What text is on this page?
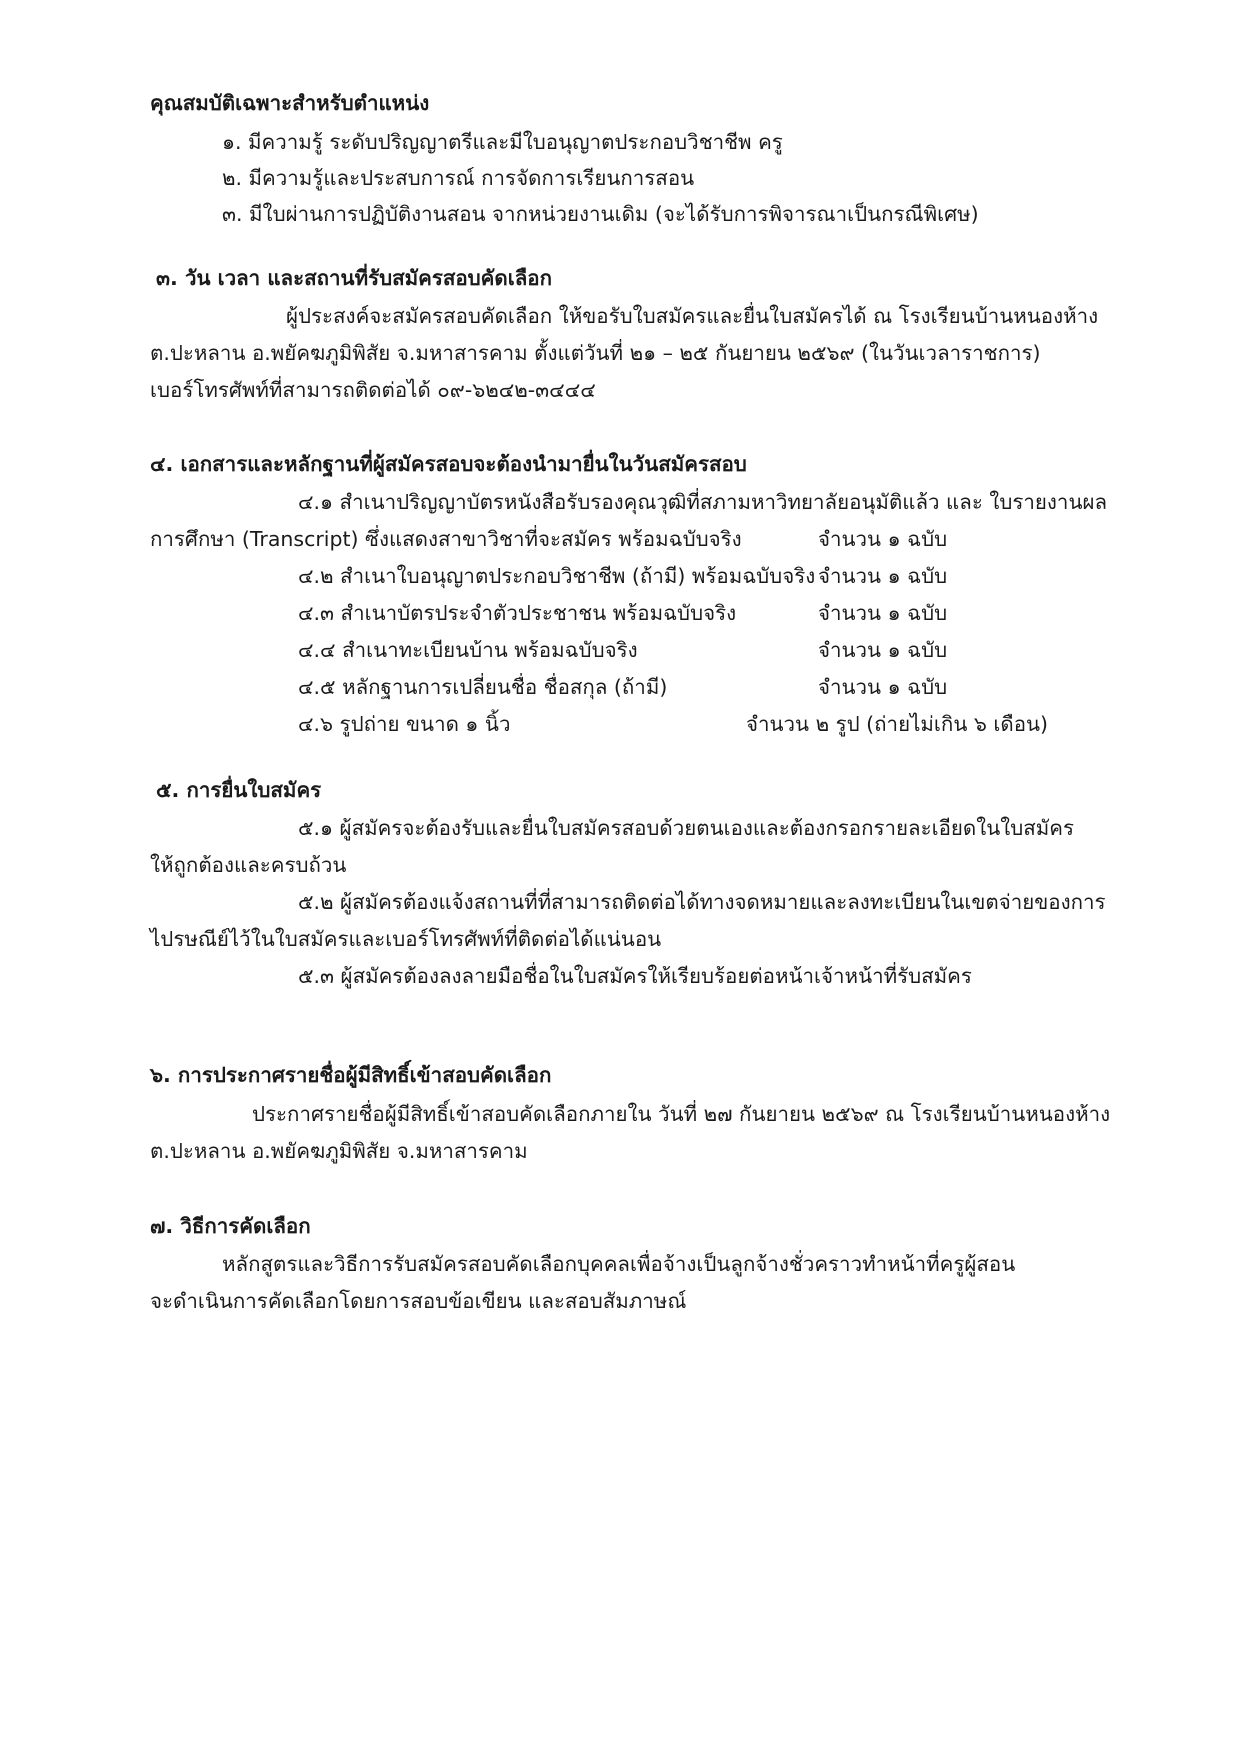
คุณสมบัติเฉพาะสำหรับตำแหน่ง
๑. มีความรู้ ระดับปริญญาตรีและมีใบอนุญาตประกอบวิชาชีพ ครู
๒. มีความรู้และประสบการณ์ การจัดการเรียนการสอน
๓. มีใบผ่านการปฏิบัติงานสอน จากหน่วยงานเดิม (จะได้รับการพิจารณาเป็นกรณีพิเศษ)
๓. วัน เวลา และสถานที่รับสมัครสอบคัดเลือก
ผู้ประสงค์จะสมัครสอบคัดเลือก ให้ขอรับใบสมัครและยื่นใบสมัครได้ ณ โรงเรียนบ้านหนองห้าง
ต.ปะหลาน อ.พยัคฆภูมิพิสัย จ.มหาสารคาม ตั้งแต่วันที่ ๒๑ – ๒๕ กันยายน ๒๕๖๙ (ในวันเวลาราชการ)
เบอร์โทรศัพท์ที่สามารถติดต่อได้ ๐๙-๖๒๔๒-๓๔๔๔
๔. เอกสารและหลักฐานที่ผู้สมัครสอบจะต้องนำมายื่นในวันสมัครสอบ
๔.๑ สำเนาปริญญาบัตรหนังสือรับรองคุณวุฒิที่สภามหาวิทยาลัยอนุมัติแล้ว และ ใบรายงานผล
การศึกษา (Transcript) ซึ่งแสดงสาขาวิชาที่จะสมัคร พร้อมฉบับจริง	จำนวน ๑ ฉบับ
๔.๒ สำเนาใบอนุญาตประกอบวิชาชีพ (ถ้ามี) พร้อมฉบับจริง จำนวน ๑ ฉบับ
๔.๓ สำเนาบัตรประจำตัวประชาชน พร้อมฉบับจริง	จำนวน ๑ ฉบับ
๔.๔ สำเนาทะเบียนบ้าน พร้อมฉบับจริง	จำนวน ๑ ฉบับ
๔.๕ หลักฐานการเปลี่ยนชื่อ ชื่อสกุล (ถ้ามี)	จำนวน ๑ ฉบับ
๔.๖ รูปถ่าย ขนาด ๑ นิ้ว	จำนวน ๒ รูป (ถ่ายไม่เกิน ๖ เดือน)
๕. การยื่นใบสมัคร
๕.๑ ผู้สมัครจะต้องรับและยื่นใบสมัครสอบด้วยตนเองและต้องกรอกรายละเอียดในใบสมัคร
ให้ถูกต้องและครบถ้วน
๕.๒ ผู้สมัครต้องแจ้งสถานที่ที่สามารถติดต่อได้ทางจดหมายและลงทะเบียนในเขตจ่ายของการ
ไปรษณีย์ไว้ในใบสมัครและเบอร์โทรศัพท์ที่ติดต่อได้แน่นอน
๕.๓ ผู้สมัครต้องลงลายมือชื่อในใบสมัครให้เรียบร้อยต่อหน้าเจ้าหน้าที่รับสมัคร
๖. การประกาศรายชื่อผู้มีสิทธิ์เข้าสอบคัดเลือก
ประกาศรายชื่อผู้มีสิทธิ์เข้าสอบคัดเลือกภายใน วันที่ ๒๗ กันยายน ๒๕๖๙ ณ โรงเรียนบ้านหนองห้าง
ต.ปะหลาน อ.พยัคฆภูมิพิสัย จ.มหาสารคาม
๗. วิธีการคัดเลือก
หลักสูตรและวิธีการรับสมัครสอบคัดเลือกบุคคลเพื่อจ้างเป็นลูกจ้างชั่วคราวทำหน้าที่ครูผู้สอน
จะดำเนินการคัดเลือกโดยการสอบข้อเขียน และสอบสัมภาษณ์
